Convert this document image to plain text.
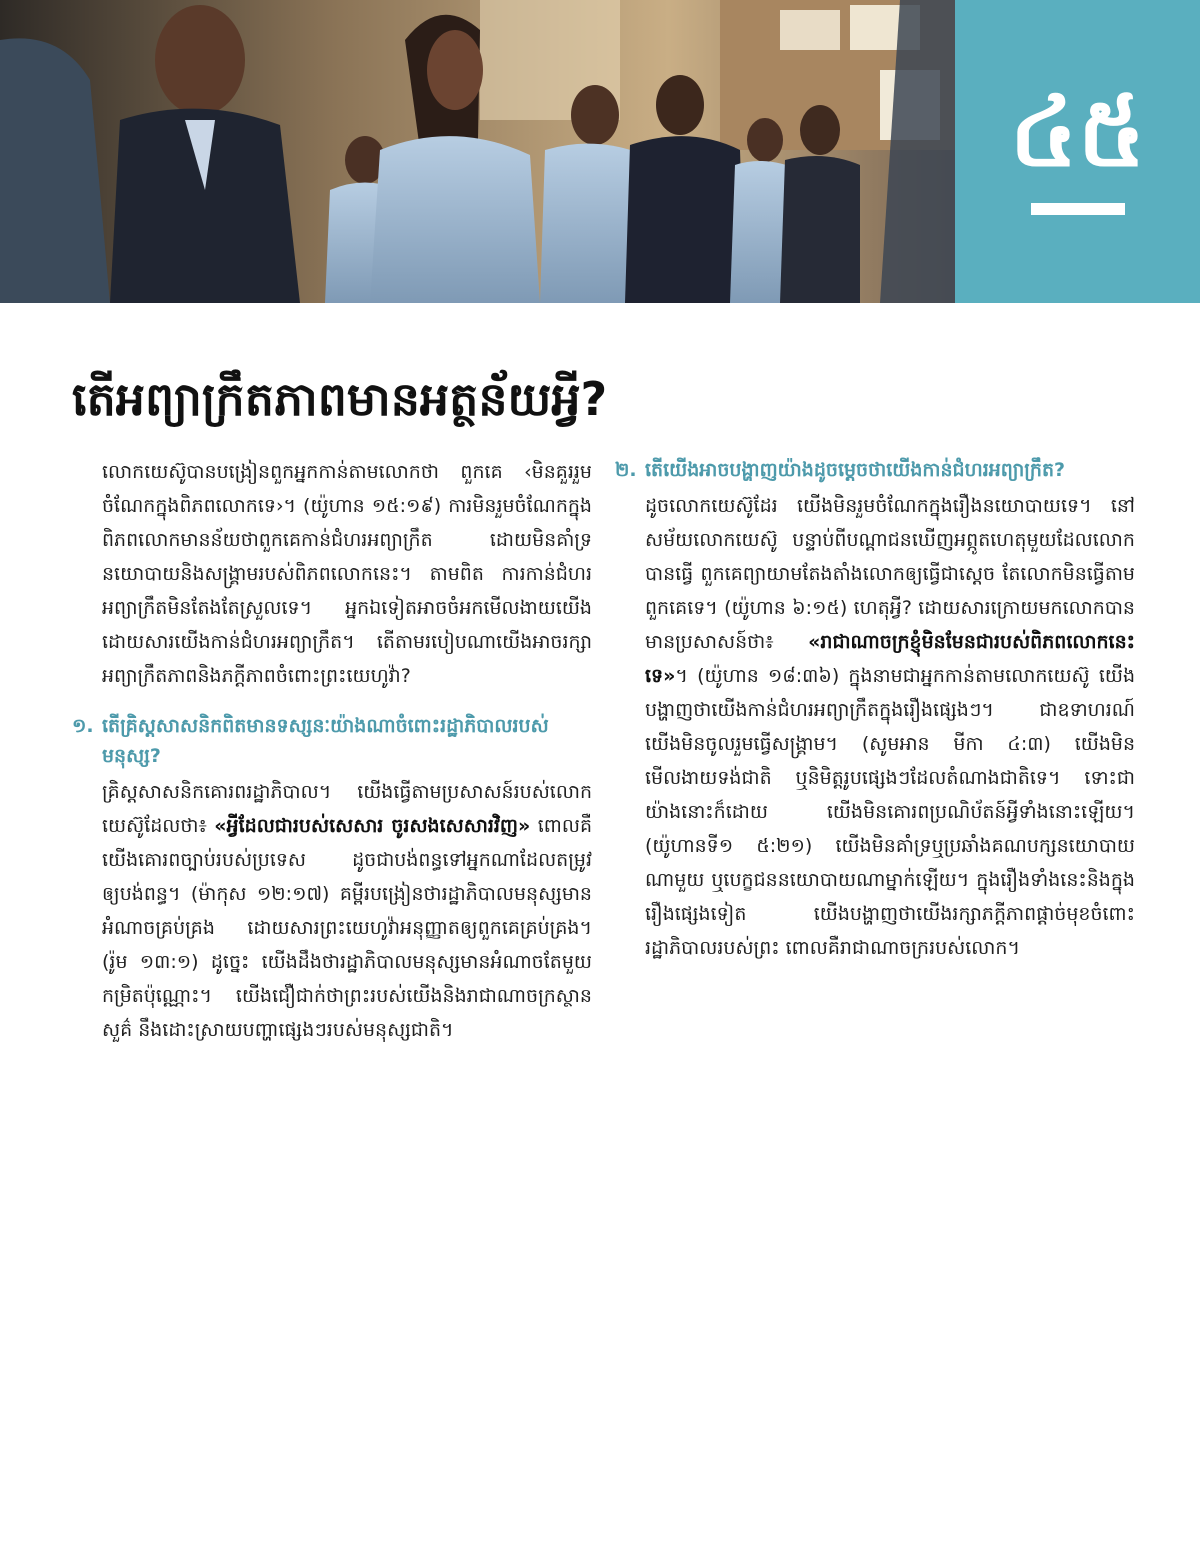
៤៥
តើអព្យាក្រឹតភាពមានអត្ថន័យអ្វី?

លោកយេស៊ូបានបង្រៀនពួកអ្នកកាន់តាមលោកថា ពួកគេ ‹មិនគួររួមចំណែកក្នុងពិភពលោកទេ›។ (យ៉ូហាន ១៥:១៩) ការមិនរួមចំណែកក្នុងពិភពលោកមានន័យថាពួកគេកាន់ជំហរអព្យាក្រឹត ដោយមិនគាំទ្រនយោបាយនិងសង្គ្រាមរបស់ពិភពលោកនេះ។ តាមពិត ការកាន់ជំហរអព្យាក្រឹតមិនតែងតែស្រួលទេ។ អ្នកឯទៀតអាចចំអកមើលងាយយើង ដោយសារយើងកាន់ជំហរអព្យាក្រឹត។ តើតាមរបៀបណាយើងអាចរក្សាអព្យាក្រឹតភាពនិងភក្ដីភាពចំពោះព្រះយេហូវ៉ា?

១. តើគ្រិស្តសាសនិកពិតមានទស្សនៈយ៉ាងណាចំពោះរដ្ឋាភិបាលរបស់មនុស្ស?

គ្រិស្តសាសនិកគោរពរដ្ឋាភិបាល។ យើងធ្វើតាមប្រសាសន៍របស់លោកយេស៊ូដែលថា៖ «អ្វីដែលជារបស់សេសារ ចូរសងសេសារវិញ» ពោលគឺយើងគោរពច្បាប់របស់ប្រទេស ដូចជាបង់ពន្ធទៅអ្នកណាដែលតម្រូវឲ្យបង់ពន្ធ។ (ម៉ាកុស ១២:១៧) គម្ពីរបង្រៀនថារដ្ឋាភិបាលមនុស្សមានអំណាចគ្រប់គ្រង ដោយសារព្រះយេហូវ៉ាអនុញ្ញាតឲ្យពួកគេគ្រប់គ្រង។ (រ៉ូម ១៣:១) ដូច្នេះ យើងដឹងថារដ្ឋាភិបាលមនុស្សមានអំណាចតែមួយកម្រិតប៉ុណ្ណោះ។ យើងជឿជាក់ថាព្រះរបស់យើងនិងរាជាណាចក្រស្ថានសួគ៌ នឹងដោះស្រាយបញ្ហាផ្សេងៗរបស់មនុស្សជាតិ។

២. តើយើងអាចបង្ហាញយ៉ាងដូចម្ដេចថាយើងកាន់ជំហរអព្យាក្រឹត?

ដូចលោកយេស៊ូដែរ យើងមិនរួមចំណែកក្នុងរឿងនយោបាយទេ។ នៅសម័យលោកយេស៊ូ បន្ទាប់ពីបណ្ដាជនឃើញអព្ភូតហេតុមួយដែលលោកបានធ្វើ ពួកគេព្យាយាមតែងតាំងលោកឲ្យធ្វើជាស្ដេច តែលោកមិនធ្វើតាមពួកគេទេ។ (យ៉ូហាន ៦:១៥) ហេតុអ្វី? ដោយសារក្រោយមកលោកបានមានប្រសាសន៍ថា៖ «រាជាណាចក្រខ្ញុំមិនមែនជារបស់ពិភពលោកនេះទេ»។ (យ៉ូហាន ១៨:៣៦) ក្នុងនាមជាអ្នកកាន់តាមលោកយេស៊ូ យើងបង្ហាញថាយើងកាន់ជំហរអព្យាក្រឹតក្នុងរឿងផ្សេងៗ។ ជាឧទាហរណ៍ យើងមិនចូលរួមធ្វើសង្គ្រាម។ (សូមអាន មីកា ៤:៣) យើងមិនមើលងាយទង់ជាតិ ឬនិមិត្តរូបផ្សេងៗដែលតំណាងជាតិទេ។ ទោះជាយ៉ាងនោះក៏ដោយ យើងមិនគោរពប្រណិប័តន៍អ្វីទាំងនោះឡើយ។ (យ៉ូហានទី១ ៥:២១) យើងមិនគាំទ្រឬប្រឆាំងគណបក្សនយោបាយណាមួយ ឬបេក្ខជននយោបាយណាម្នាក់ឡើយ។ ក្នុងរឿងទាំងនេះនិងក្នុងរឿងផ្សេងទៀត យើងបង្ហាញថាយើងរក្សាភក្ដីភាពផ្ដាច់មុខចំពោះរដ្ឋាភិបាលរបស់ព្រះ ពោលគឺរាជាណាចក្ររបស់លោក។
